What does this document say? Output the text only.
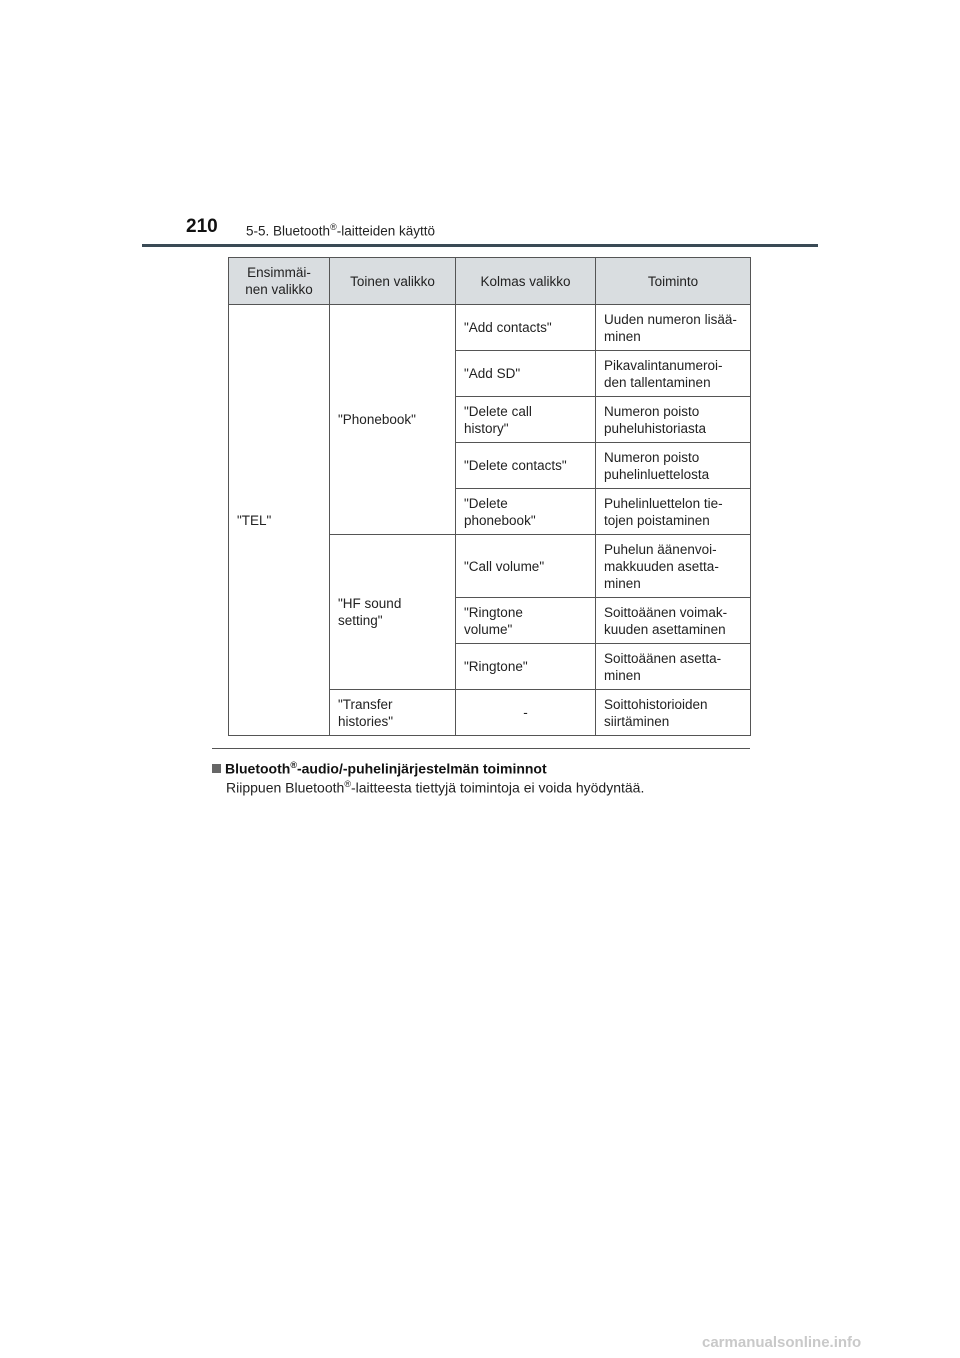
210 5-5. Bluetooth®-laitteiden käyttö
Ensimmäi-
nen valikko	Toinen valikko	Kolmas valikko	Toiminto
"TEL"	"Phonebook"	"Add contacts"	Uuden numeron lisää-
minen
		"Add SD"	Pikavalintanumeroi-
den tallentaminen
		"Delete call
history"	Numeron poisto
puheluhistoriasta
		"Delete contacts"	Numeron poisto
puhelinluettelosta
		"Delete
phonebook"	Puhelinluettelon tie-
tojen poistaminen
	"HF sound
setting"	"Call volume"	Puhelun äänenvoi-
makkuuden asetta-
minen
		"Ringtone
volume"	Soittoäänen voimak-
kuuden asettaminen
		"Ringtone"	Soittoäänen asetta-
minen
	"Transfer
histories"	-	Soittohistorioiden
siirtäminen
Bluetooth®-audio/-puhelinjärjestelmän toiminnot
Riippuen Bluetooth®-laitteesta tiettyjä toimintoja ei voida hyödyntää.
carmanualsonline.info
